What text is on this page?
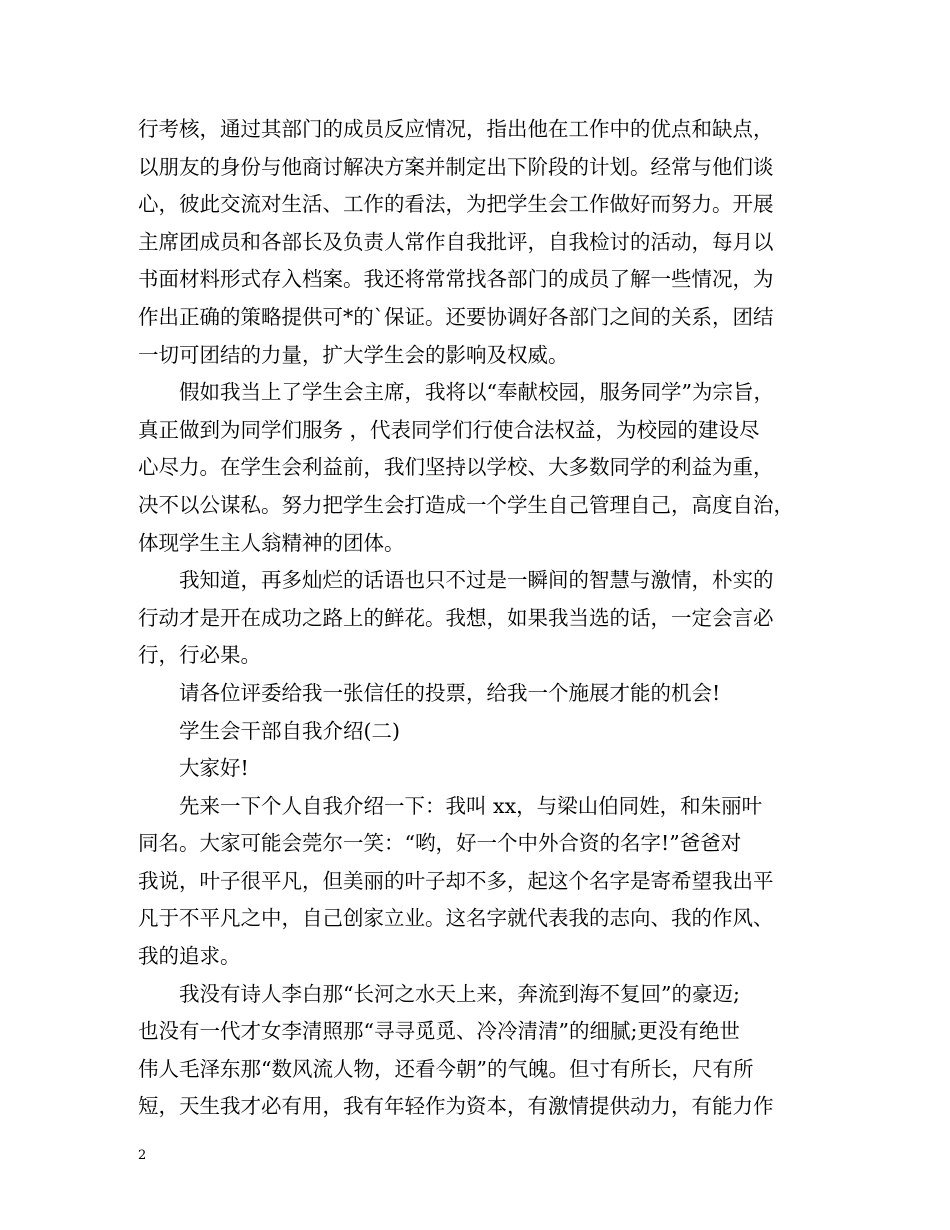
行考核，通过其部门的成员反应情况，指出他在工作中的优点和缺点，
以朋友的身份与他商讨解决方案并制定出下阶段的计划。经常与他们谈
心，彼此交流对生活、工作的看法，为把学生会工作做好而努力。开展
主席团成员和各部长及负责人常作自我批评，自我检讨的活动，每月以
书面材料形式存入档案。我还将常常找各部门的成员了解一些情况，为
作出正确的策略提供可*的`保证。还要协调好各部门之间的关系，团结
一切可团结的力量，扩大学生会的影响及权威。
假如我当上了学生会主席，我将以“奉献校园，服务同学”为宗旨，
真正做到为同学们服务 ，代表同学们行使合法权益，为校园的建设尽
心尽力。在学生会利益前，我们坚持以学校、大多数同学的利益为重，
决不以公谋私。努力把学生会打造成一个学生自己管理自己，高度自治，
体现学生主人翁精神的团体。
我知道，再多灿烂的话语也只不过是一瞬间的智慧与激情，朴实的
行动才是开在成功之路上的鲜花。我想，如果我当选的话，一定会言必
行，行必果。
请各位评委给我一张信任的投票，给我一个施展才能的机会!
学生会干部自我介绍(二)
大家好!
先来一下个人自我介绍一下：我叫 xx，与梁山伯同姓，和朱丽叶
同名。大家可能会莞尔一笑：“哟，好一个中外合资的名字!”爸爸对
我说，叶子很平凡，但美丽的叶子却不多，起这个名字是寄希望我出平
凡于不平凡之中，自己创家立业。这名字就代表我的志向、我的作风、
我的追求。
我没有诗人李白那“长河之水天上来，奔流到海不复回”的豪迈;
也没有一代才女李清照那“寻寻觅觅、冷冷清清”的细腻;更没有绝世
伟人毛泽东那“数风流人物，还看今朝”的气魄。但寸有所长，尺有所
短，天生我才必有用，我有年轻作为资本，有激情提供动力，有能力作
2
